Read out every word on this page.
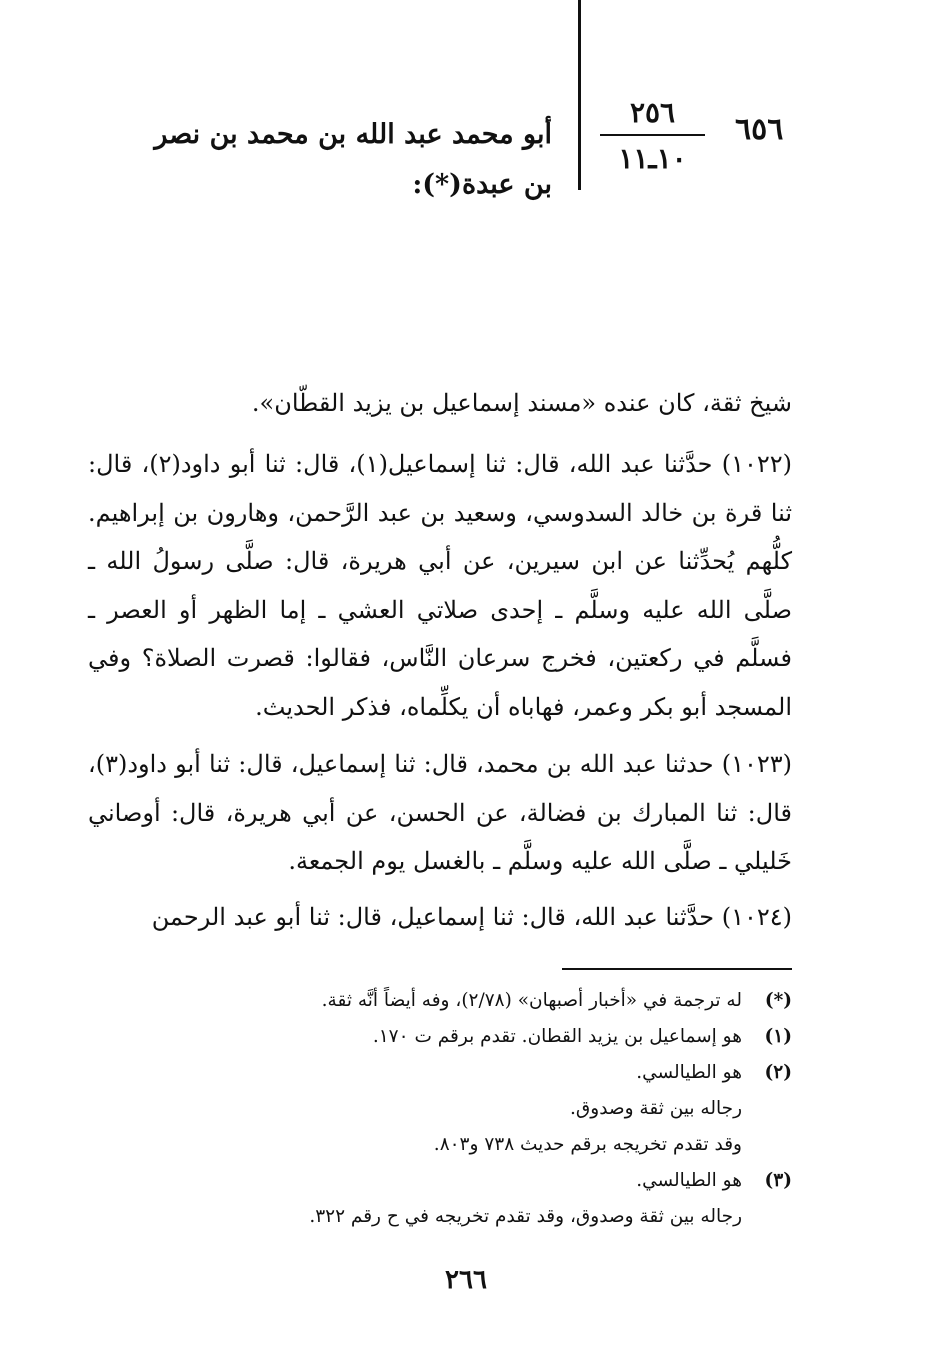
أبو محمد عبد الله بن محمد بن نصر بن عبدة(*):
٢٥٦
١٠ـ١١
٦٥٦
شيخ ثقة، كان عنده «مسند إسماعيل بن يزيد القطّان».
(١٠٢٢) حدَّثنا عبد الله، قال: ثنا إسماعيل(١)، قال: ثنا أبو داود(٢)، قال: ثنا قرة بن خالد السدوسي، وسعيد بن عبد الرَّحمن، وهارون بن إبراهيم. كلُّهم يُحدِّثنا عن ابن سيرين، عن أبي هريرة، قال: صلَّى رسولُ الله ـ صلَّى الله عليه وسلَّم ـ إحدى صلاتي العشي ـ إما الظهر أو العصر ـ فسلَّم في ركعتين، فخرج سرعان النَّاس، فقالوا: قصرت الصلاة؟ وفي المسجد أبو بكر وعمر، فهاباه أن يكلِّماه، فذكر الحديث.
(١٠٢٣) حدثنا عبد الله بن محمد، قال: ثنا إسماعيل، قال: ثنا أبو داود(٣)، قال: ثنا المبارك بن فضالة، عن الحسن، عن أبي هريرة، قال: أوصاني خَليلي ـ صلَّى الله عليه وسلَّم ـ بالغسل يوم الجمعة.
(١٠٢٤) حدَّثنا عبد الله، قال: ثنا إسماعيل، قال: ثنا أبو عبد الرحمن
(*)له ترجمة في «أخبار أصبهان» (٢/٧٨)، وفه أيضاً أنَّه ثقة.
(١)هو إسماعيل بن يزيد القطان. تقدم برقم ت ١٧٠.
(٢)هو الطيالسي.
رجاله بين ثقة وصدوق.
وقد تقدم تخريجه برقم حديث ٧٣٨ و٨٠٣.
(٣)هو الطيالسي.
رجاله بين ثقة وصدوق، وقد تقدم تخريجه في ح رقم ٣٢٢.
٢٦٦
